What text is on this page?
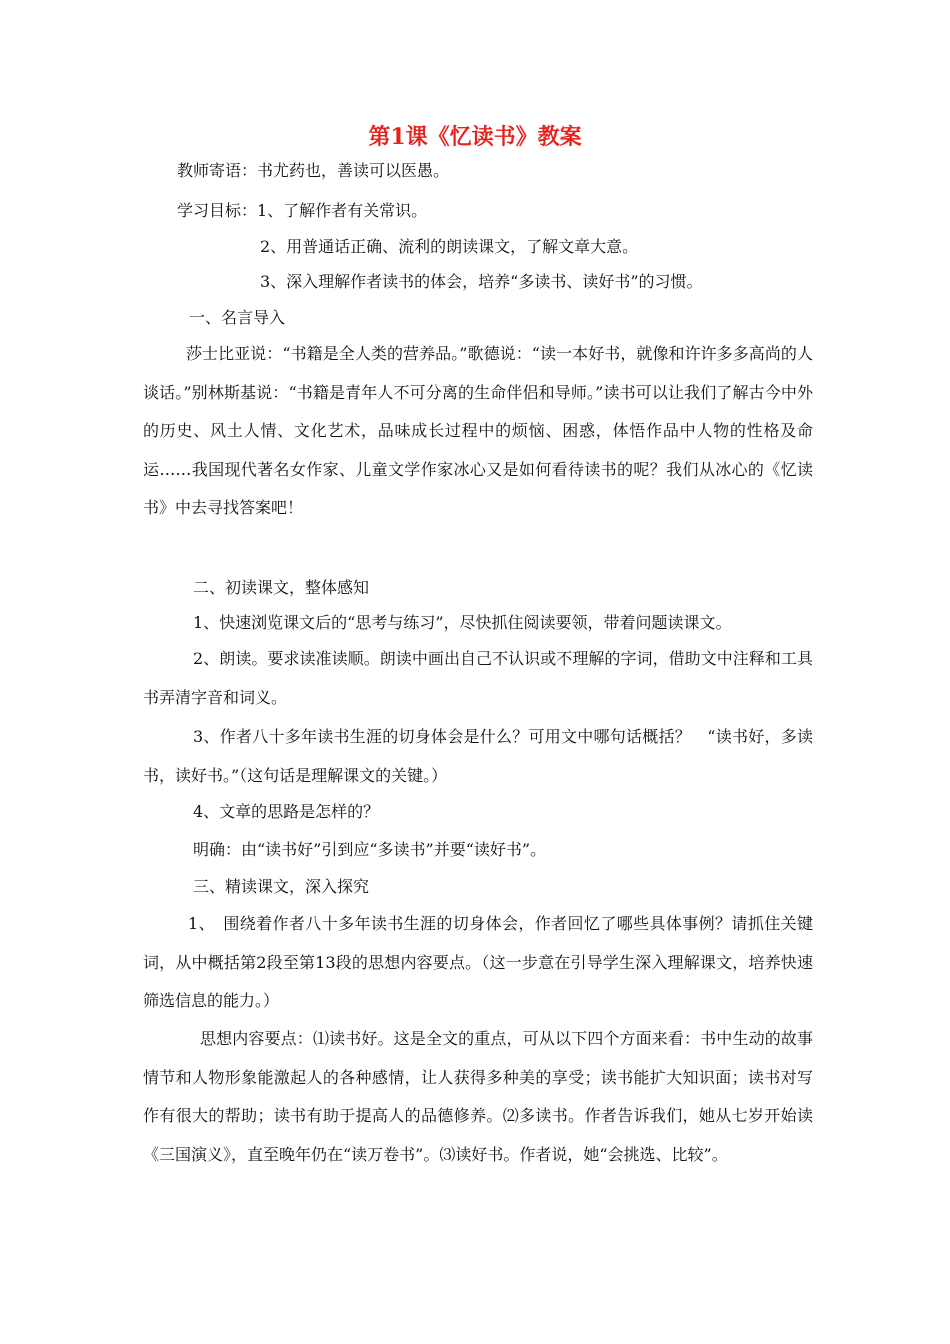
第1课《忆读书》教案
教师寄语：书尤药也，善读可以医愚。
学习目标：1、了解作者有关常识。
2、用普通话正确、流利的朗读课文，了解文章大意。
3、深入理解作者读书的体会，培养“多读书、读好书”的习惯。
一、名言导入
莎士比亚说：“书籍是全人类的营养品。”歌德说：“读一本好书，就像和许许多多高尚的人谈话。”别林斯基说：“书籍是青年人不可分离的生命伴侣和导师。”读书可以让我们了解古今中外的历史、风土人情、文化艺术，品味成长过程中的烦恼、困惑，体悟作品中人物的性格及命运……我国现代著名女作家、儿童文学作家冰心又是如何看待读书的呢？我们从冰心的《忆读书》中去寻找答案吧！
二、初读课文，整体感知
1、快速浏览课文后的“思考与练习”，尽快抓住阅读要领，带着问题读课文。
2、朗读。要求读准读顺。朗读中画出自己不认识或不理解的字词，借助文中注释和工具书弄清字音和词义。
3、作者八十多年读书生涯的切身体会是什么？可用文中哪句话概括？　“读书好，多读书，读好书。”（这句话是理解课文的关键。）
4、文章的思路是怎样的？
明确：由“读书好”引到应“多读书”并要“读好书”。
三、精读课文，深入探究
1、　围绕着作者八十多年读书生涯的切身体会，作者回忆了哪些具体事例？请抓住关键词，从中概括第2段至第13段的思想内容要点。（这一步意在引导学生深入理解课文，培养快速筛选信息的能力。）
思想内容要点：⑴读书好。这是全文的重点，可从以下四个方面来看：书中生动的故事情节和人物形象能激起人的各种感情，让人获得多种美的享受；读书能扩大知识面；读书对写作有很大的帮助；读书有助于提高人的品德修养。⑵多读书。作者告诉我们，她从七岁开始读《三国演义》，直至晚年仍在“读万卷书”。⑶读好书。作者说，她“会挑选、比较”。
